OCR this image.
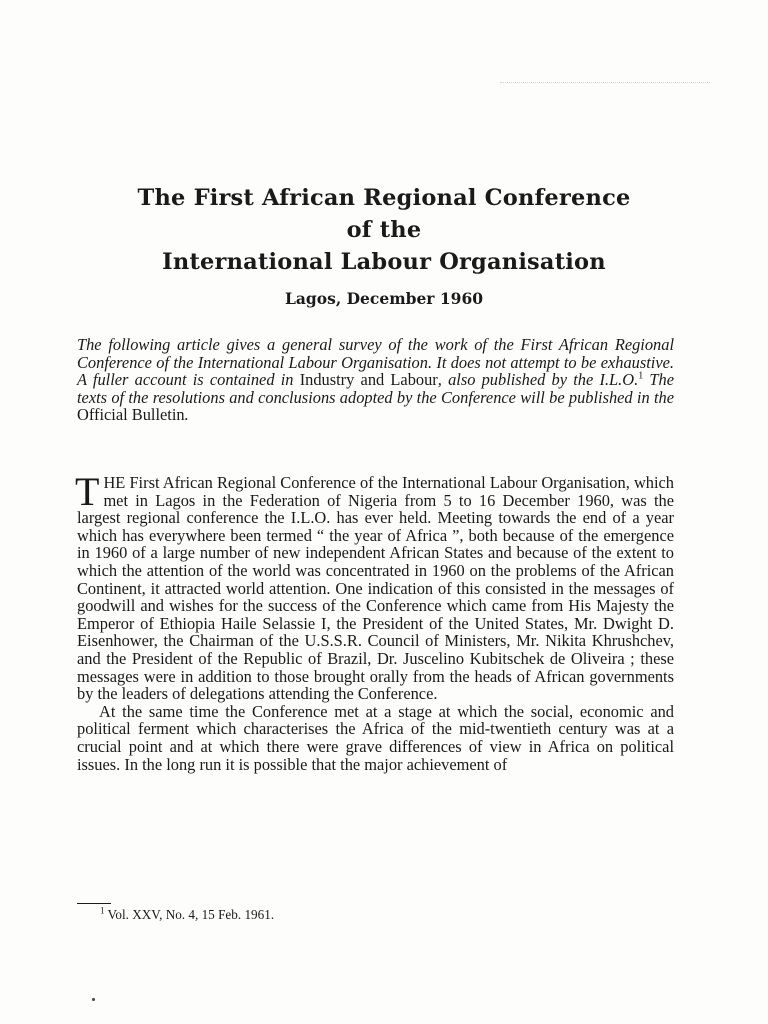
The First African Regional Conference
of the
International Labour Organisation
Lagos, December 1960

The following article gives a general survey of the work of the First African Regional Conference of the International Labour Organisation. It does not attempt to be exhaustive. A fuller account is contained in Industry and Labour, also published by the I.L.O.$^1$ The texts of the resolutions and conclusions adopted by the Conference will be published in the Official Bulletin.

THE First African Regional Conference of the International Labour Organisation, which met in Lagos in the Federation of Nigeria from 5 to 16 December 1960, was the largest regional conference the I.L.O. has ever held. Meeting towards the end of a year which has everywhere been termed “ the year of Africa ”, both because of the emergence in 1960 of a large number of new independent African States and because of the extent to which the attention of the world was concentrated in 1960 on the problems of the African Continent, it attracted world attention. One indication of this consisted in the messages of goodwill and wishes for the success of the Conference which came from His Majesty the Emperor of Ethiopia Haile Selassie I, the President of the United States, Mr. Dwight D. Eisenhower, the Chairman of the U.S.S.R. Council of Ministers, Mr. Nikita Khrushchev, and the President of the Republic of Brazil, Dr. Juscelino Kubitschek de Oliveira ; these messages were in addition to those brought orally from the heads of African governments by the leaders of delegations attending the Conference.

At the same time the Conference met at a stage at which the social, economic and political ferment which characterises the Africa of the mid-twentieth century was at a crucial point and at which there were grave differences of view in Africa on political issues. In the long run it is possible that the major achievement of

$^1$ Vol. XXV, No. 4, 15 Feb. 1961.
